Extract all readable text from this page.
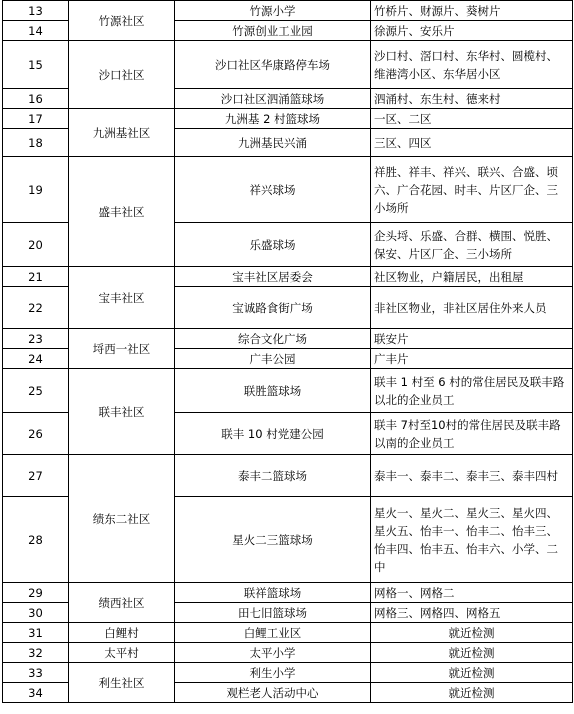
13	竹源社区	竹源小学	竹桥片、财源片、葵树片
14		竹源创业工业园	徐源片、安乐片
15	沙口社区	沙口社区华康路停车场	沙口村、滘口村、东华村、圆榄村、维港湾小区、东华居小区
16		沙口社区泗涌篮球场	泗涌村、东生村、德来村
17	九洲基社区	九洲基 2 村篮球场	一区、二区
18		九洲基民兴涌	三区、四区
19	盛丰社区	祥兴球场	祥胜、祥丰、祥兴、联兴、合盛、顷六、广合花园、时丰、片区厂企、三小场所
20		乐盛球场	企头埒、乐盛、合群、横围、悦胜、保安、片区厂企、三小场所
21	宝丰社区	宝丰社区居委会	社区物业，户籍居民，出租屋
22		宝诚路食街广场	非社区物业，非社区居住外来人员
23	埒西一社区	综合文化广场	联安片
24		广丰公园	广丰片
25	联丰社区	联胜篮球场	联丰 1 村至 6 村的常住居民及联丰路以北的企业员工
26		联丰 10 村党建公园	联丰 7村至10村的常住居民及联丰路以南的企业员工
27	绩东二社区	泰丰二篮球场	泰丰一、泰丰二、泰丰三、泰丰四村
28		星火二三篮球场	星火一、星火二、星火三、星火四、星火五、怡丰一、怡丰二、怡丰三、怡丰四、怡丰五、怡丰六、小学、二中
29	绩西社区	联祥篮球场	网格一、网格二
30		田七旧篮球场	网格三、网格四、网格五
31	白鲤村	白鲤工业区	就近检测
32	太平村	太平小学	就近检测
33	利生社区	利生小学	就近检测
34		观栏老人活动中心	就近检测
